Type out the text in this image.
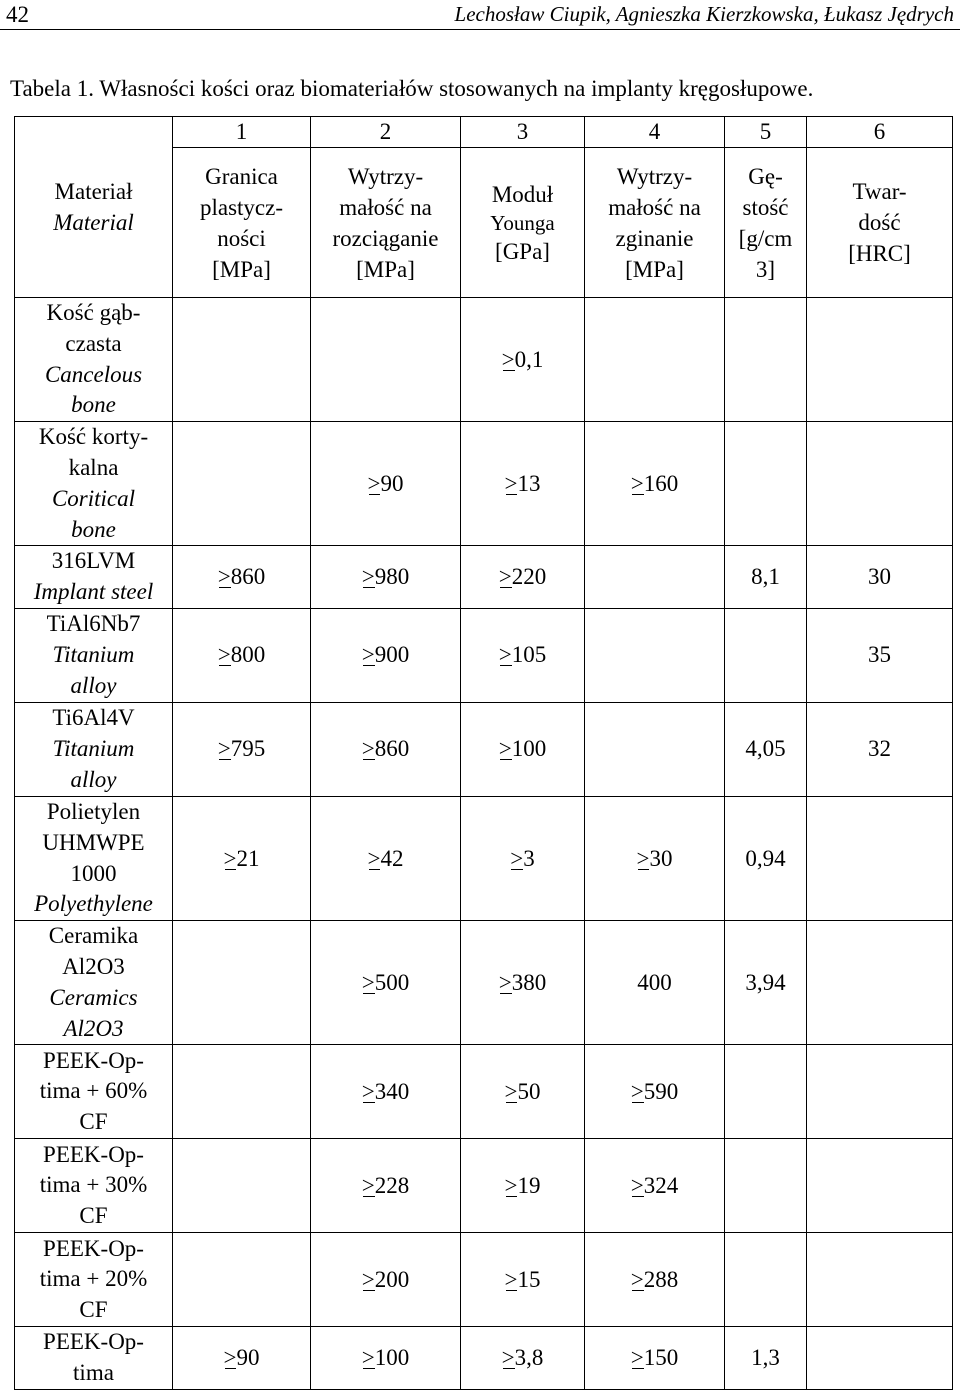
42	Lechosław Ciupik, Agnieszka Kierzkowska, Łukasz Jędrych
Tabela 1. Własności kości oraz biomateriałów stosowanych na implanty kręgosłupowe.
Materiał
Material	1	2	3	4	5	6

	Granica
plastycz-
ności
[MPa]	Wytrzy-
małość na
rozciąganie
[MPa]	Moduł
Younga
[GPa]	Wytrzy-
małość na
zginanie
[MPa]	Gę-
stość
[g/cm
3]	Twar-
dość
[HRC]

Kość gąb-
czasta
Cancelous
bone			>0,1			

Kość korty-
kalna
Coritical
bone		>90	>13	>160		

316LVM
Implant steel	>860	>980	>220		8,1	30

TiAl6Nb7
Titanium
alloy	>800	>900	>105			35

Ti6Al4V
Titanium
alloy	>795	>860	>100		4,05	32

Polietylen
UHMWPE
1000
Polyethylene	>21	>42	>3	>30	0,94	

Ceramika
Al2O3
Ceramics
Al2O3		>500	>380	400	3,94	

PEEK-Op-
tima + 60%
CF		>340	>50	>590		

PEEK-Op-
tima + 30%
CF		>228	>19	>324		

PEEK-Op-
tima + 20%
CF		>200	>15	>288		

PEEK-Op-
tima	>90	>100	>3,8	>150	1,3	
